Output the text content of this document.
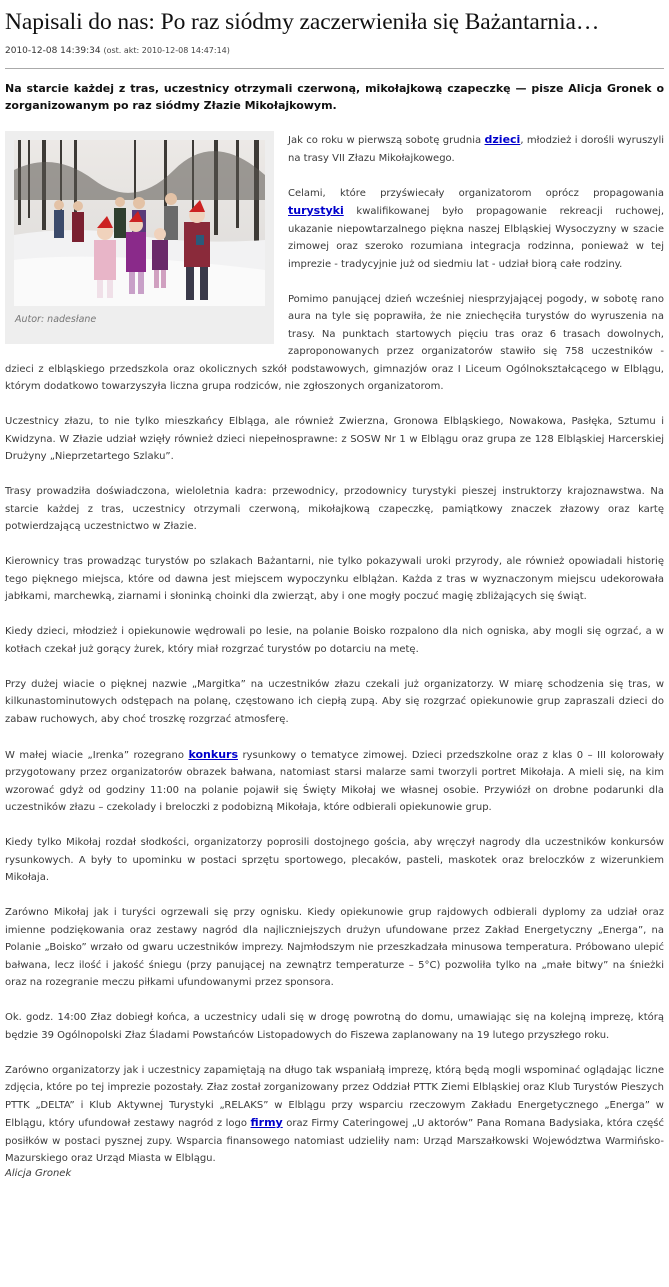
Napisali do nas: Po raz siódmy zaczerwieniła się Bażantarnia…
2010-12-08 14:39:34 (ost. akt: 2010-12-08 14:47:14)
Na starcie każdej z tras, uczestnicy otrzymali czerwoną, mikołajkową czapeczkę — pisze Alicja Gronek o zorganizowanym po raz siódmy Złazie Mikołajkowym.
Autor: nadesłane

Jak co roku w pierwszą sobotę grudnia dzieci, młodzież i dorośli wyruszyli na trasy VII Złazu Mikołajkowego.

Celami, które przyświecały organizatorom oprócz propagowania turystyki kwalifikowanej było propagowanie rekreacji ruchowej, ukazanie niepowtarzalnego piękna naszej Elbląskiej Wysoczyzny w szacie zimowej oraz szeroko rozumiana integracja rodzinna, ponieważ w tej imprezie - tradycyjnie już od siedmiu lat - udział biorą całe rodziny.

Pomimo panującej dzień wcześniej niesprzyjającej pogody, w sobotę rano aura na tyle się poprawiła, że nie zniechęciła turystów do wyruszenia na trasy. Na punktach startowych pięciu tras oraz 6 trasach dowolnych, zaproponowanych przez organizatorów stawiło się 758 uczestników - dzieci z elbląskiego przedszkola oraz okolicznych szkół podstawowych, gimnazjów oraz I Liceum Ogólnokształcącego w Elblągu, którym dodatkowo towarzyszyła liczna grupa rodziców, nie zgłoszonych organizatorom.

Uczestnicy złazu, to nie tylko mieszkańcy Elbląga, ale również Zwierzna, Gronowa Elbląskiego, Nowakowa, Pasłęka, Sztumu i Kwidzyna. W Złazie udział wzięły również dzieci niepełnosprawne: z SOSW Nr 1 w Elblągu oraz grupa ze 128 Elbląskiej Harcerskiej Drużyny „Nieprzetartego Szlaku”.

Trasy prowadziła doświadczona, wieloletnia kadra: przewodnicy, przodownicy turystyki pieszej instruktorzy krajoznawstwa. Na starcie każdej z tras, uczestnicy otrzymali czerwoną, mikołajkową czapeczkę, pamiątkowy znaczek złazowy oraz kartę potwierdzającą uczestnictwo w Złazie.

Kierownicy tras prowadząc turystów po szlakach Bażantarni, nie tylko pokazywali uroki przyrody, ale również opowiadali historię tego pięknego miejsca, które od dawna jest miejscem wypoczynku elblążan. Każda z tras w wyznaczonym miejscu udekorowała jabłkami, marchewką, ziarnami i słoninką choinki dla zwierząt, aby i one mogły poczuć magię zbliżających się świąt.

Kiedy dzieci, młodzież i opiekunowie wędrowali po lesie, na polanie Boisko rozpalono dla nich ogniska, aby mogli się ogrzać, a w kotłach czekał już gorący żurek, który miał rozgrzać turystów po dotarciu na metę.

Przy dużej wiacie o pięknej nazwie „Margitka” na uczestników złazu czekali już organizatorzy. W miarę schodzenia się tras, w kilkunastominutowych odstępach na polanę, częstowano ich ciepłą zupą. Aby się rozgrzać opiekunowie grup zapraszali dzieci do zabaw ruchowych, aby choć troszkę rozgrzać atmosferę.

W małej wiacie „Irenka” rozegrano konkurs rysunkowy o tematyce zimowej. Dzieci przedszkolne oraz z klas 0 – III kolorowały przygotowany przez organizatorów obrazek bałwana, natomiast starsi malarze sami tworzyli portret Mikołaja. A mieli się, na kim wzorować gdyż od godziny 11:00 na polanie pojawił się Święty Mikołaj we własnej osobie. Przywiózł on drobne podarunki dla uczestników złazu – czekolady i breloczki z podobizną Mikołaja, które odbierali opiekunowie grup.

Kiedy tylko Mikołaj rozdał słodkości, organizatorzy poprosili dostojnego gościa, aby wręczył nagrody dla uczestników konkursów rysunkowych. A były to upominku w postaci sprzętu sportowego, plecaków, pasteli, maskotek oraz breloczków z wizerunkiem Mikołaja.

Zarówno Mikołaj jak i turyści ogrzewali się przy ognisku. Kiedy opiekunowie grup rajdowych odbierali dyplomy za udział oraz imienne podziękowania oraz zestawy nagród dla najliczniejszych drużyn ufundowane przez Zakład Energetyczny „Energa”, na Polanie „Boisko” wrzało od gwaru uczestników imprezy. Najmłodszym nie przeszkadzała minusowa temperatura. Próbowano ulepić bałwana, lecz ilość i jakość śniegu (przy panującej na zewnątrz temperaturze – 5°C) pozwoliła tylko na „małe bitwy” na śnieżki oraz na rozegranie meczu piłkami ufundowanymi przez sponsora.

Ok. godz. 14:00 Złaz dobiegł końca, a uczestnicy udali się w drogę powrotną do domu, umawiając się na kolejną imprezę, którą będzie 39 Ogólnopolski Złaz Śladami Powstańców Listopadowych do Fiszewa zaplanowany na 19 lutego przyszłego roku.

Zarówno organizatorzy jak i uczestnicy zapamiętają na długo tak wspaniałą imprezę, którą będą mogli wspominać oglądając liczne zdjęcia, które po tej imprezie pozostały. Złaz został zorganizowany przez Oddział PTTK Ziemi Elbląskiej oraz Klub Turystów Pieszych PTTK „DELTA” i Klub Aktywnej Turystyki „RELAKS” w Elblągu przy wsparciu rzeczowym Zakładu Energetycznego „Energa” w Elblągu, który ufundował zestawy nagród z logo firmy oraz Firmy Cateringowej „U aktorów” Pana Romana Badysiaka, która część posiłków w postaci pysznej zupy. Wsparcia finansowego natomiast udzieliły nam: Urząd Marszałkowski Województwa Warmińsko-Mazurskiego oraz Urząd Miasta w Elblągu.

Alicja Gronek
